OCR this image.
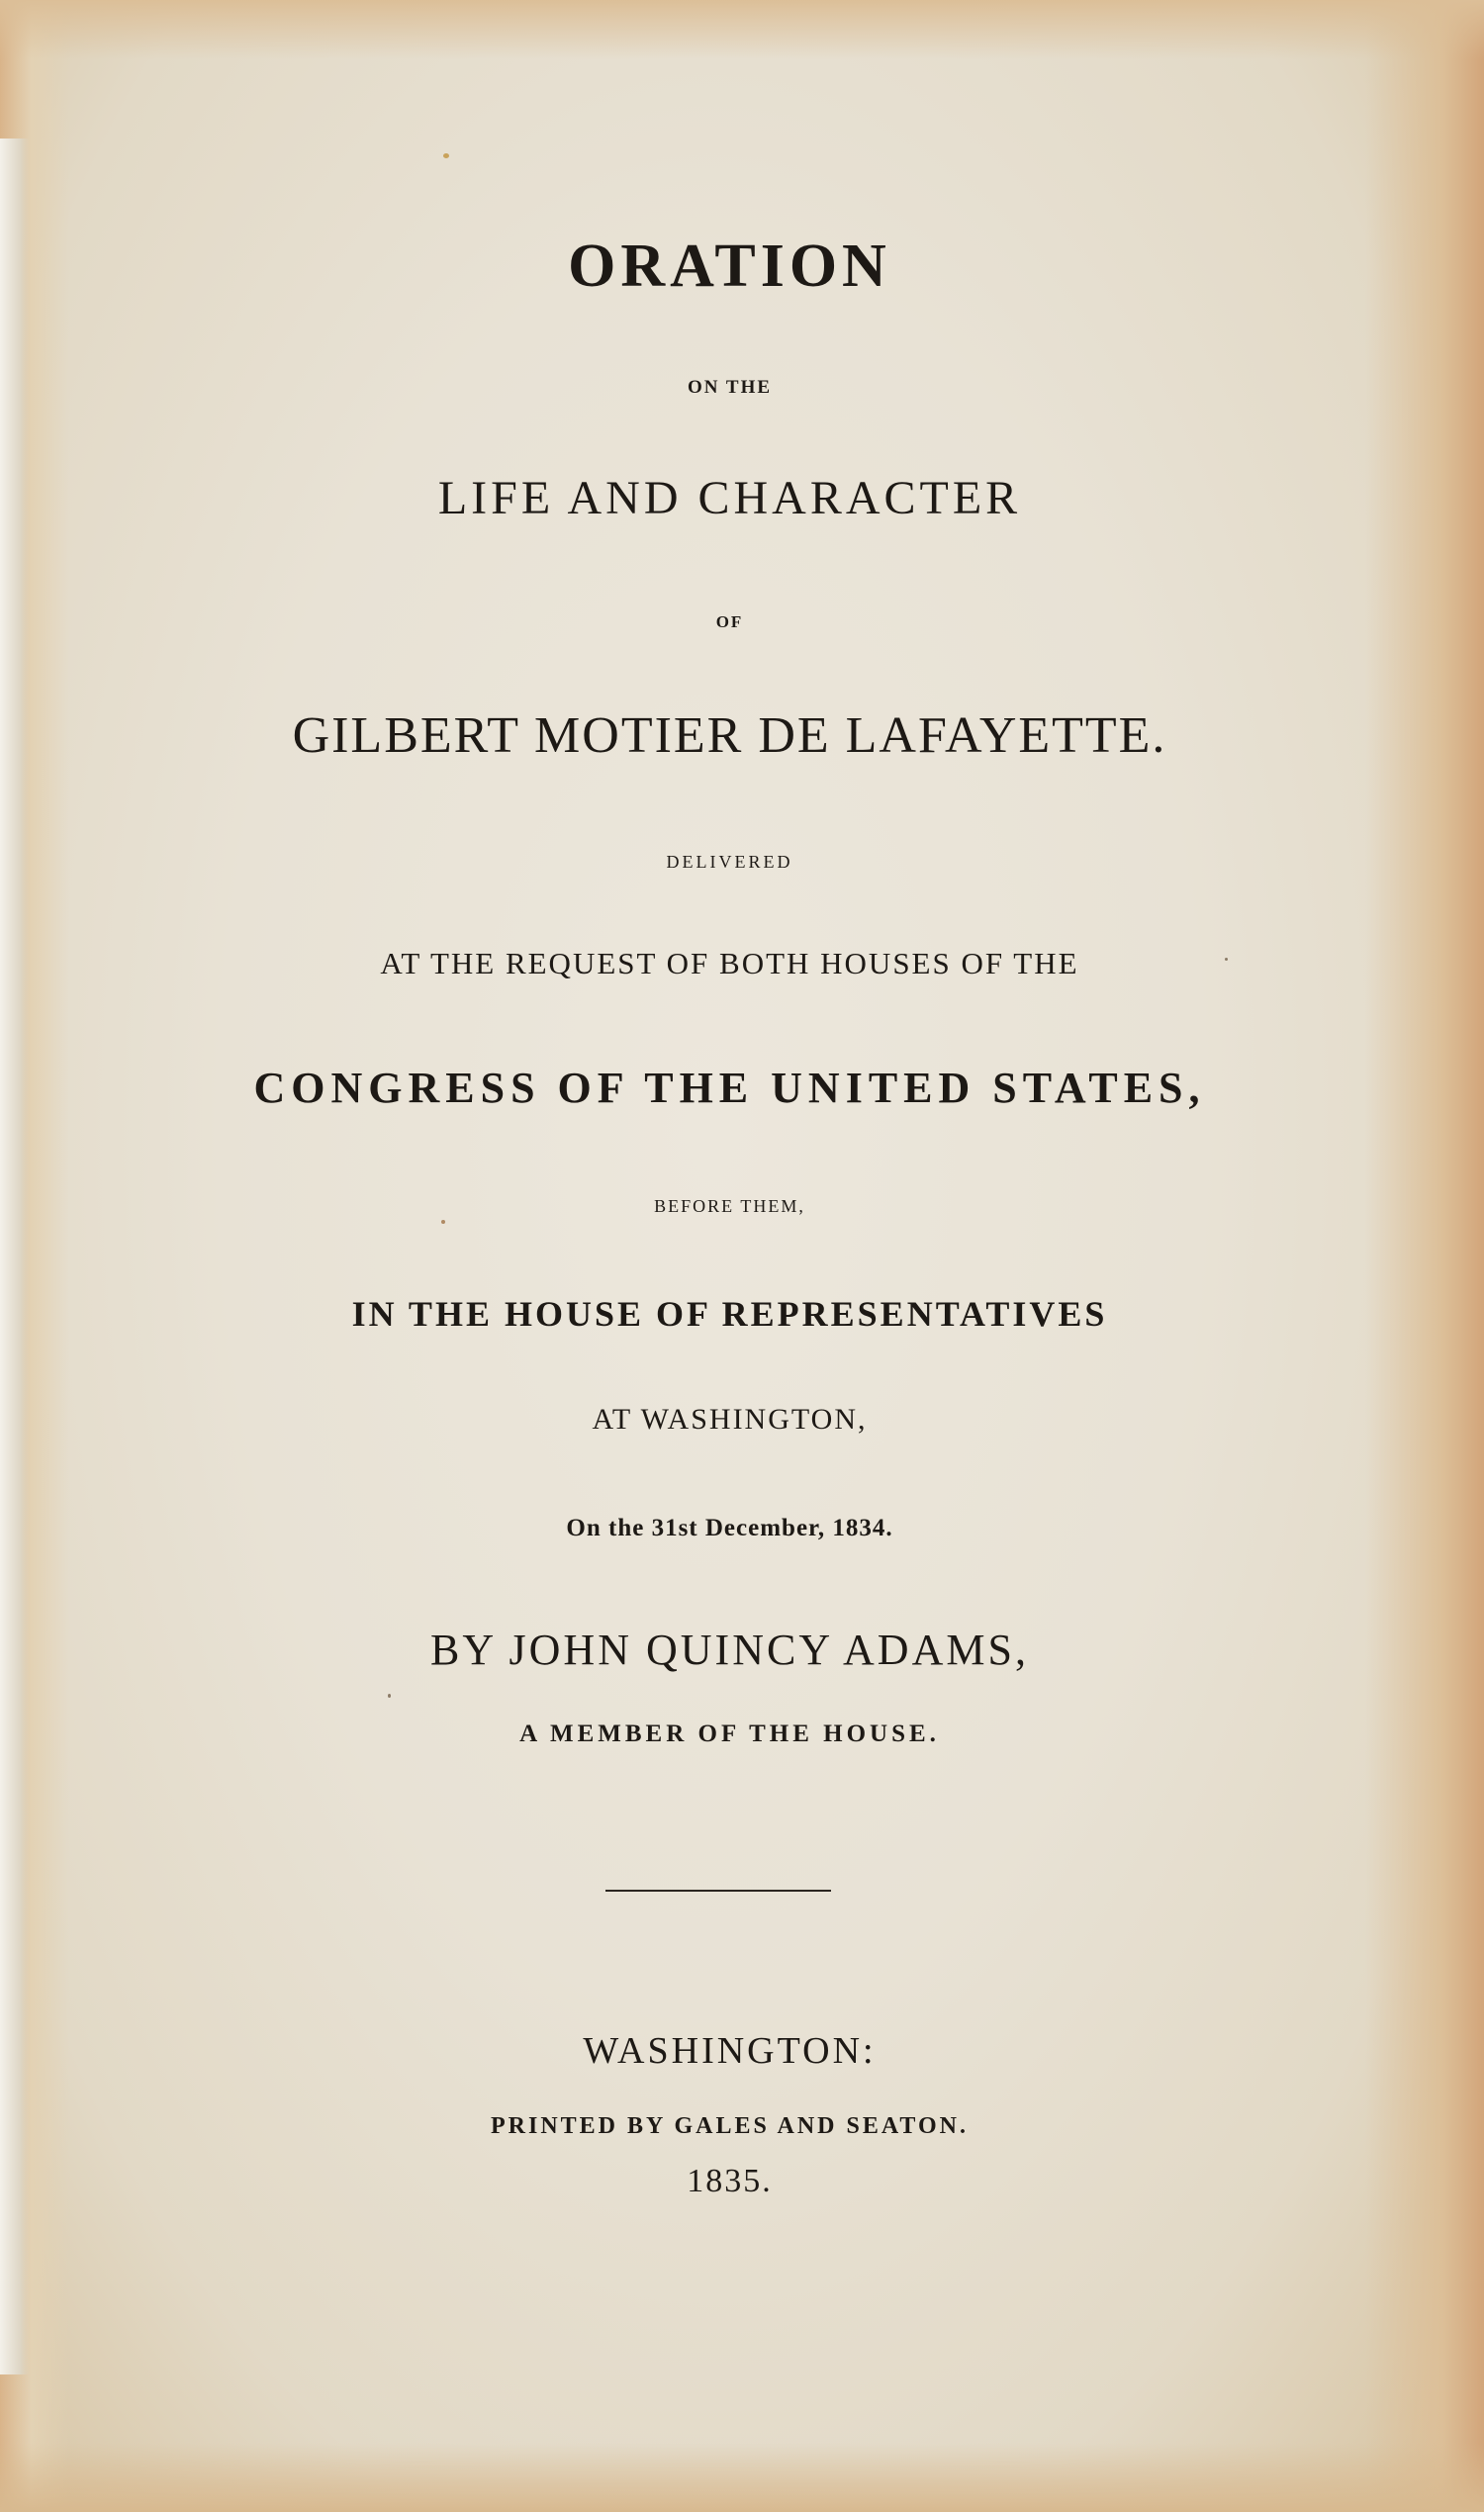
ORATION
ON THE
LIFE AND CHARACTER
OF
GILBERT MOTIER DE LAFAYETTE.
DELIVERED
AT THE REQUEST OF BOTH HOUSES OF THE
CONGRESS OF THE UNITED STATES,
BEFORE THEM,
IN THE HOUSE OF REPRESENTATIVES
AT WASHINGTON,
On the 31st December, 1834.
BY JOHN QUINCY ADAMS,
A MEMBER OF THE HOUSE.
WASHINGTON:
PRINTED BY GALES AND SEATON.
1835.
